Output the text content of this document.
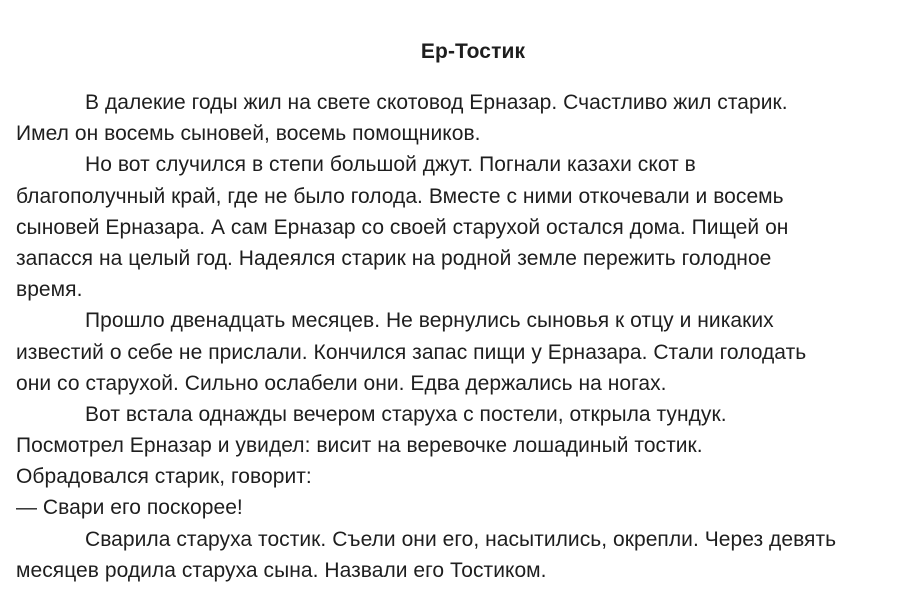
Ер-Тостик
В далекие годы жил на свете скотовод Ерназар. Счастливо жил старик.
Имел он восемь сыновей, восемь помощников.
Но вот случился в степи большой джут. Погнали казахи скот в
благополучный край, где не было голода. Вместе с ними откочевали и восемь
сыновей Ерназара. А сам Ерназар со своей старухой остался дома. Пищей он
запасся на целый год. Надеялся старик на родной земле пережить голодное
время.
Прошло двенадцать месяцев. Не вернулись сыновья к отцу и никаких
известий о себе не прислали. Кончился запас пищи у Ерназара. Стали голодать
они со старухой. Сильно ослабели они. Едва держались на ногах.
Вот встала однажды вечером старуха с постели, открыла тундук.
Посмотрел Ерназар и увидел: висит на веревочке лошадиный тостик.
Обрадовался старик, говорит:
— Свари его поскорее!
Сварила старуха тостик. Съели они его, насытились, окрепли. Через девять
месяцев родила старуха сына. Назвали его Тостиком.
